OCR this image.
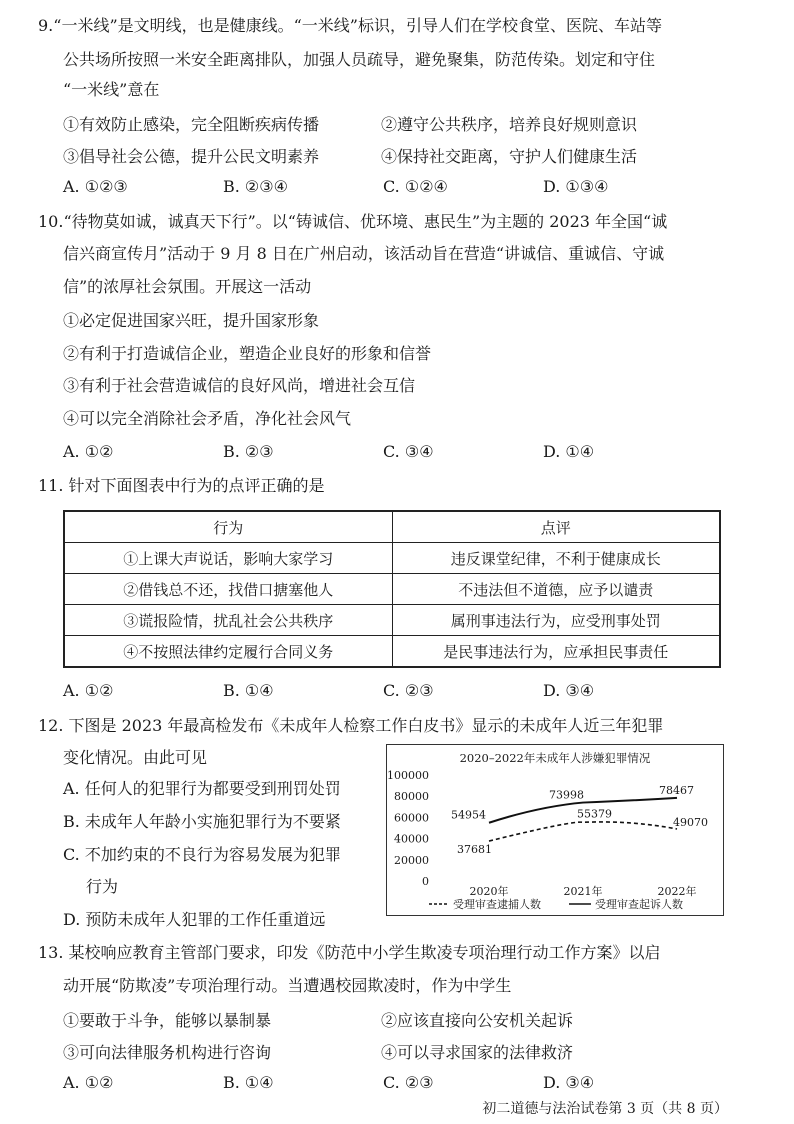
9.“一米线”是文明线，也是健康线。“一米线”标识，引导人们在学校食堂、医院、车站等
公共场所按照一米安全距离排队，加强人员疏导，避免聚集，防范传染。划定和守住
“一米线”意在
①有效防止感染，完全阻断疾病传播	②遵守公共秩序，培养良好规则意识
③倡导社会公德，提升公民文明素养	④保持社交距离，守护人们健康生活
A. ①②③	B. ②③④	C. ①②④	D. ①③④
10.“待物莫如诚，诚真天下行”。以“铸诚信、优环境、惠民生”为主题的 2023 年全国“诚
信兴商宣传月”活动于 9 月 8 日在广州启动，该活动旨在营造“讲诚信、重诚信、守诚
信”的浓厚社会氛围。开展这一活动
①必定促进国家兴旺，提升国家形象
②有利于打造诚信企业，塑造企业良好的形象和信誉
③有利于社会营造诚信的良好风尚，增进社会互信
④可以完全消除社会矛盾，净化社会风气
A. ①②	B. ②③	C. ③④	D. ①④
11. 针对下面图表中行为的点评正确的是
行为	点评
①上课大声说话，影响大家学习	违反课堂纪律，不利于健康成长
②借钱总不还，找借口搪塞他人	不违法但不道德，应予以谴责
③谎报险情，扰乱社会公共秩序	属刑事违法行为，应受刑事处罚
④不按照法律约定履行合同义务	是民事违法行为，应承担民事责任
A. ①②	B. ①④	C. ②③	D. ③④
12. 下图是 2023 年最高检发布《未成年人检察工作白皮书》显示的未成年人近三年犯罪
变化情况。由此可见
A. 任何人的犯罪行为都要受到刑罚处罚
B. 未成年人年龄小实施犯罪行为不要紧
C. 不加约束的不良行为容易发展为犯罪
行为
D. 预防未成年人犯罪的工作任重道远
2020–2022年未成年人涉嫌犯罪情况
100000
80000
60000
40000
20000
0
2020年	2021年	2022年
37681
55379
49070
54954
73998	78467
受理审查逮捕人数	受理审查起诉人数
13. 某校响应教育主管部门要求，印发《防范中小学生欺凌专项治理行动工作方案》以启
动开展“防欺凌”专项治理行动。当遭遇校园欺凌时，作为中学生
①要敢于斗争，能够以暴制暴	②应该直接向公安机关起诉
③可向法律服务机构进行咨询	④可以寻求国家的法律救济
A. ①②	B. ①④	C. ②③	D. ③④
初二道德与法治试卷第 3 页（共 8 页）
